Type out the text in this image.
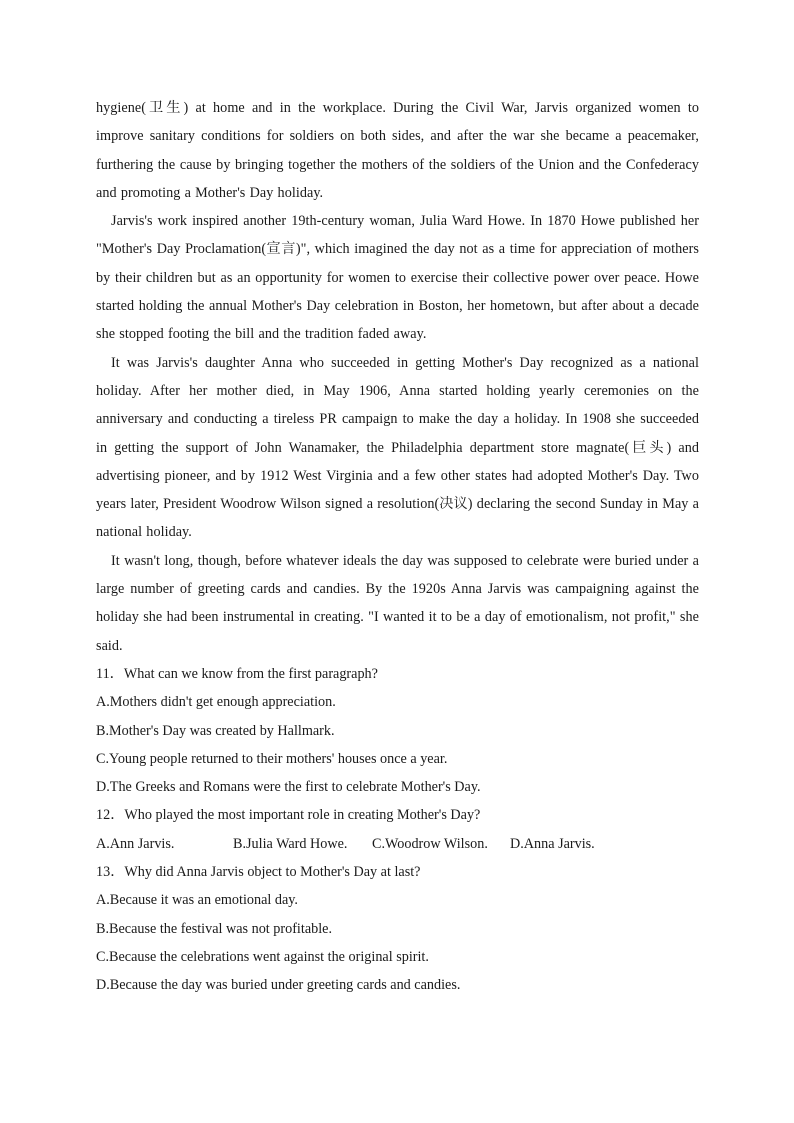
hygiene(卫生) at home and in the workplace. During the Civil War, Jarvis organized women to improve sanitary conditions for soldiers on both sides, and after the war she became a peacemaker, furthering the cause by bringing together the mothers of the soldiers of the Union and the Confederacy and promoting a Mother's Day holiday.

Jarvis's work inspired another 19th-century woman, Julia Ward Howe. In 1870 Howe published her "Mother's Day Proclamation(宣言)", which imagined the day not as a time for appreciation of mothers by their children but as an opportunity for women to exercise their collective power over peace. Howe started holding the annual Mother's Day celebration in Boston, her hometown, but after about a decade she stopped footing the bill and the tradition faded away.

It was Jarvis's daughter Anna who succeeded in getting Mother's Day recognized as a national holiday. After her mother died, in May 1906, Anna started holding yearly ceremonies on the anniversary and conducting a tireless PR campaign to make the day a holiday. In 1908 she succeeded in getting the support of John Wanamaker, the Philadelphia department store magnate(巨头) and advertising pioneer, and by 1912 West Virginia and a few other states had adopted Mother's Day. Two years later, President Woodrow Wilson signed a resolution(决议) declaring the second Sunday in May a national holiday.

It wasn't long, though, before whatever ideals the day was supposed to celebrate were buried under a large number of greeting cards and candies. By the 1920s Anna Jarvis was campaigning against the holiday she had been instrumental in creating. "I wanted it to be a day of emotionalism, not profit," she said.

11．What can we know from the first paragraph?

A.Mothers didn't get enough appreciation.

B.Mother's Day was created by Hallmark.

C.Young people returned to their mothers' houses once a year.

D.The Greeks and Romans were the first to celebrate Mother's Day.

12．Who played the most important role in creating Mother's Day?

A.Ann Jarvis.	B.Julia Ward Howe.	C.Woodrow Wilson.	D.Anna Jarvis.

13．Why did Anna Jarvis object to Mother's Day at last?

A.Because it was an emotional day.

B.Because the festival was not profitable.

C.Because the celebrations went against the original spirit.

D.Because the day was buried under greeting cards and candies.
